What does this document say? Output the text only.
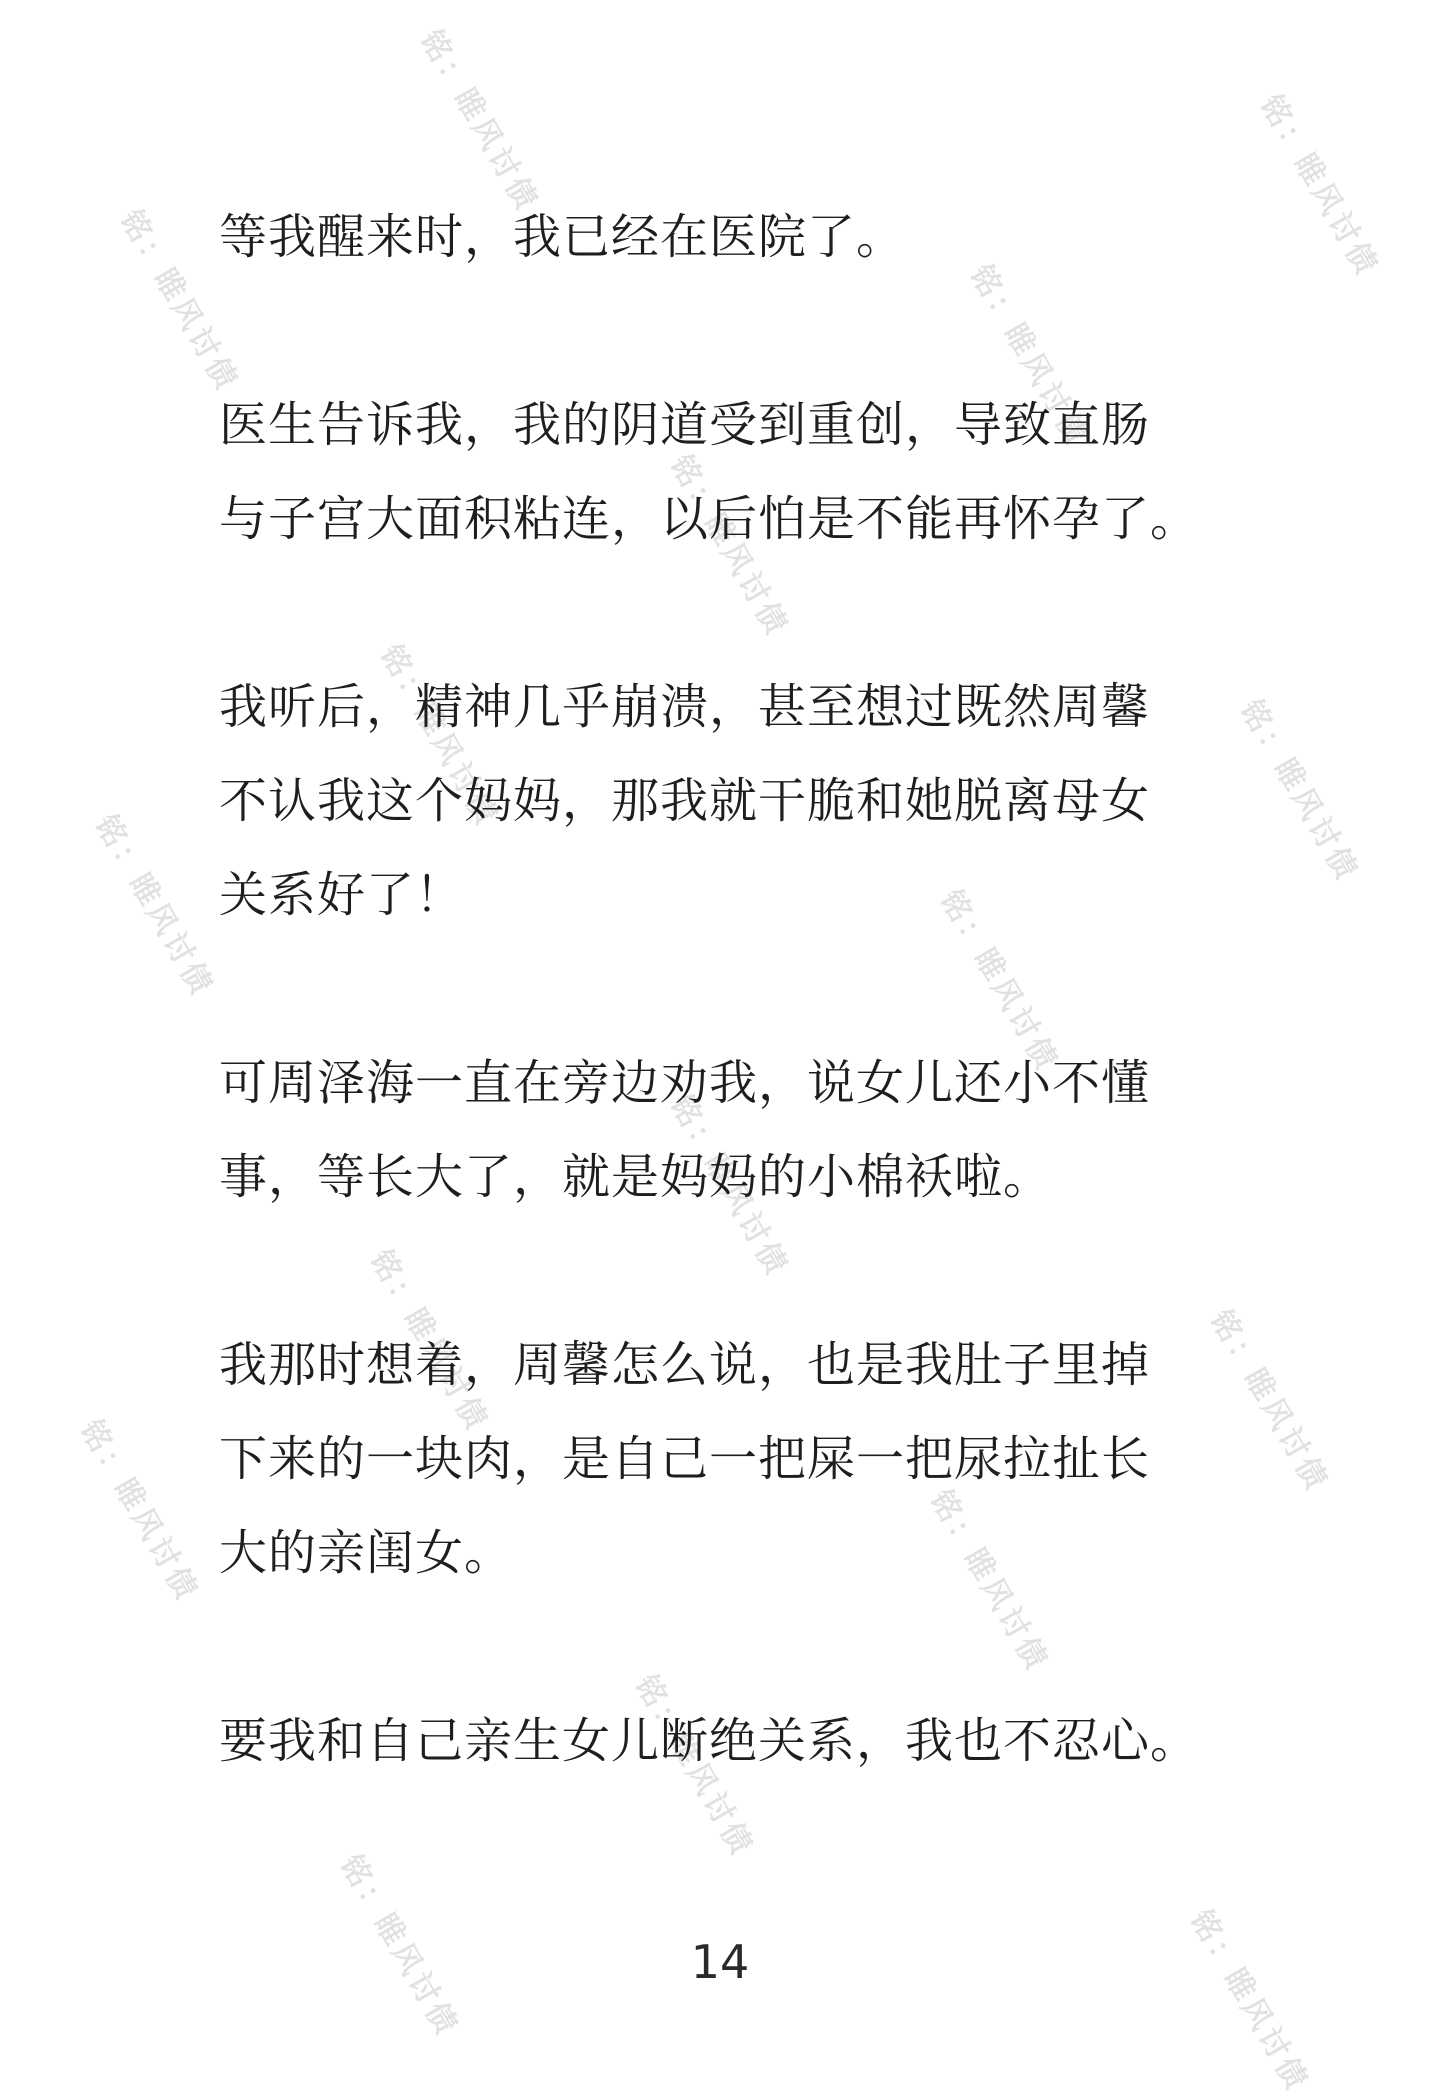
铭：睢风讨债	铭：睢风讨债
铭：睢风讨债	铭：睢风讨债
铭：睢风讨债
铭：睢风讨债	铭：睢风讨债
铭：睢风讨债	铭：睢风讨债
铭：睢风讨债
铭：睢风讨债	铭：睢风讨债
铭：睢风讨债	铭：睢风讨债
铭：睢风讨债
铭：睢风讨债	铭：睢风讨债

等我醒来时，我已经在医院了。

医生告诉我，我的阴道受到重创，导致直肠
与子宫大面积粘连，以后怕是不能再怀孕了。

我听后，精神几乎崩溃，甚至想过既然周馨
不认我这个妈妈，那我就干脆和她脱离母女
关系好了！

可周泽海一直在旁边劝我，说女儿还小不懂
事，等长大了，就是妈妈的小棉袄啦。

我那时想着，周馨怎么说，也是我肚子里掉
下来的一块肉，是自己一把屎一把尿拉扯长
大的亲闺女。

要我和自己亲生女儿断绝关系，我也不忍心。

14
